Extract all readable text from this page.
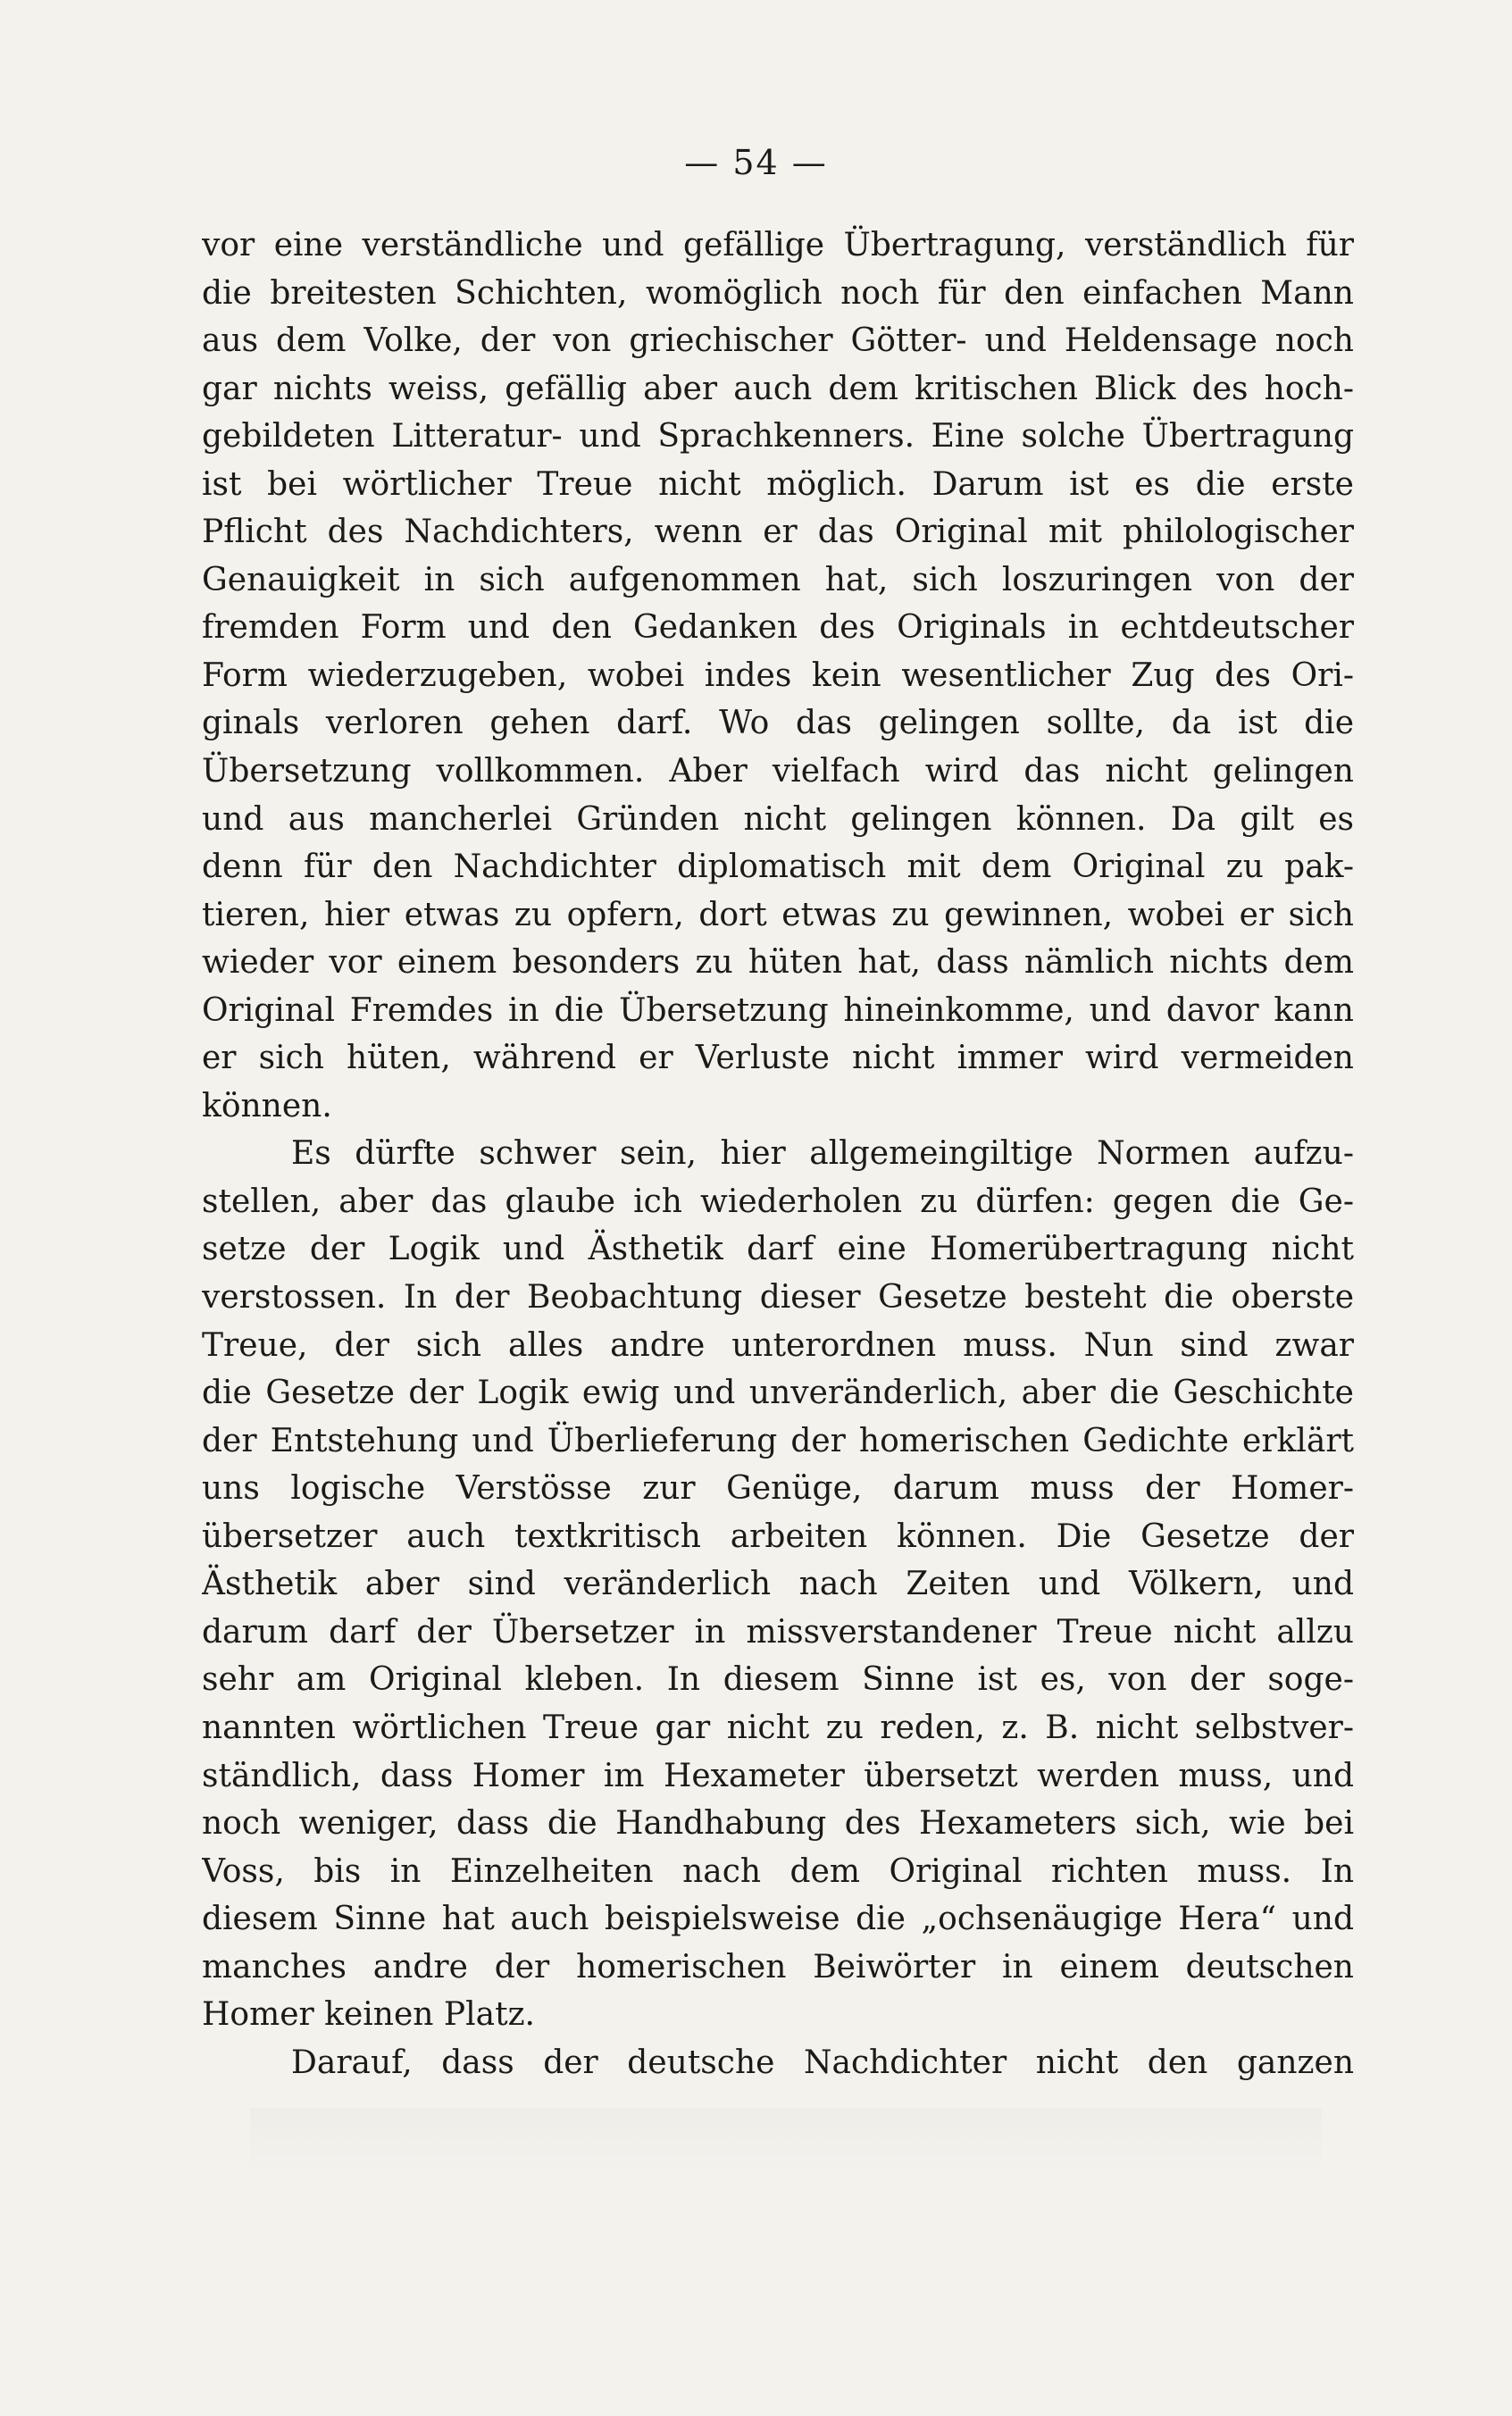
— 54 —
vor eine verständliche und gefällige Übertragung, verständlich für
die breitesten Schichten, womöglich noch für den einfachen Mann
aus dem Volke, der von griechischer Götter- und Heldensage noch
gar nichts weiss, gefällig aber auch dem kritischen Blick des hoch-
gebildeten Litteratur- und Sprachkenners. Eine solche Übertragung
ist bei wörtlicher Treue nicht möglich. Darum ist es die erste
Pflicht des Nachdichters, wenn er das Original mit philologischer
Genauigkeit in sich aufgenommen hat, sich loszuringen von der
fremden Form und den Gedanken des Originals in echtdeutscher
Form wiederzugeben, wobei indes kein wesentlicher Zug des Ori-
ginals verloren gehen darf. Wo das gelingen sollte, da ist die
Übersetzung vollkommen. Aber vielfach wird das nicht gelingen
und aus mancherlei Gründen nicht gelingen können. Da gilt es
denn für den Nachdichter diplomatisch mit dem Original zu pak-
tieren, hier etwas zu opfern, dort etwas zu gewinnen, wobei er sich
wieder vor einem besonders zu hüten hat, dass nämlich nichts dem
Original Fremdes in die Übersetzung hineinkomme, und davor kann
er sich hüten, während er Verluste nicht immer wird vermeiden
können.
Es dürfte schwer sein, hier allgemeingiltige Normen aufzu-
stellen, aber das glaube ich wiederholen zu dürfen: gegen die Ge-
setze der Logik und Ästhetik darf eine Homerübertragung nicht
verstossen. In der Beobachtung dieser Gesetze besteht die oberste
Treue, der sich alles andre unterordnen muss. Nun sind zwar
die Gesetze der Logik ewig und unveränderlich, aber die Geschichte
der Entstehung und Überlieferung der homerischen Gedichte erklärt
uns logische Verstösse zur Genüge, darum muss der Homer-
übersetzer auch textkritisch arbeiten können. Die Gesetze der
Ästhetik aber sind veränderlich nach Zeiten und Völkern, und
darum darf der Übersetzer in missverstandener Treue nicht allzu
sehr am Original kleben. In diesem Sinne ist es, von der soge-
nannten wörtlichen Treue gar nicht zu reden, z. B. nicht selbstver-
ständlich, dass Homer im Hexameter übersetzt werden muss, und
noch weniger, dass die Handhabung des Hexameters sich, wie bei
Voss, bis in Einzelheiten nach dem Original richten muss. In
diesem Sinne hat auch beispielsweise die „ochsenäugige Hera“ und
manches andre der homerischen Beiwörter in einem deutschen
Homer keinen Platz.
Darauf, dass der deutsche Nachdichter nicht den ganzen
